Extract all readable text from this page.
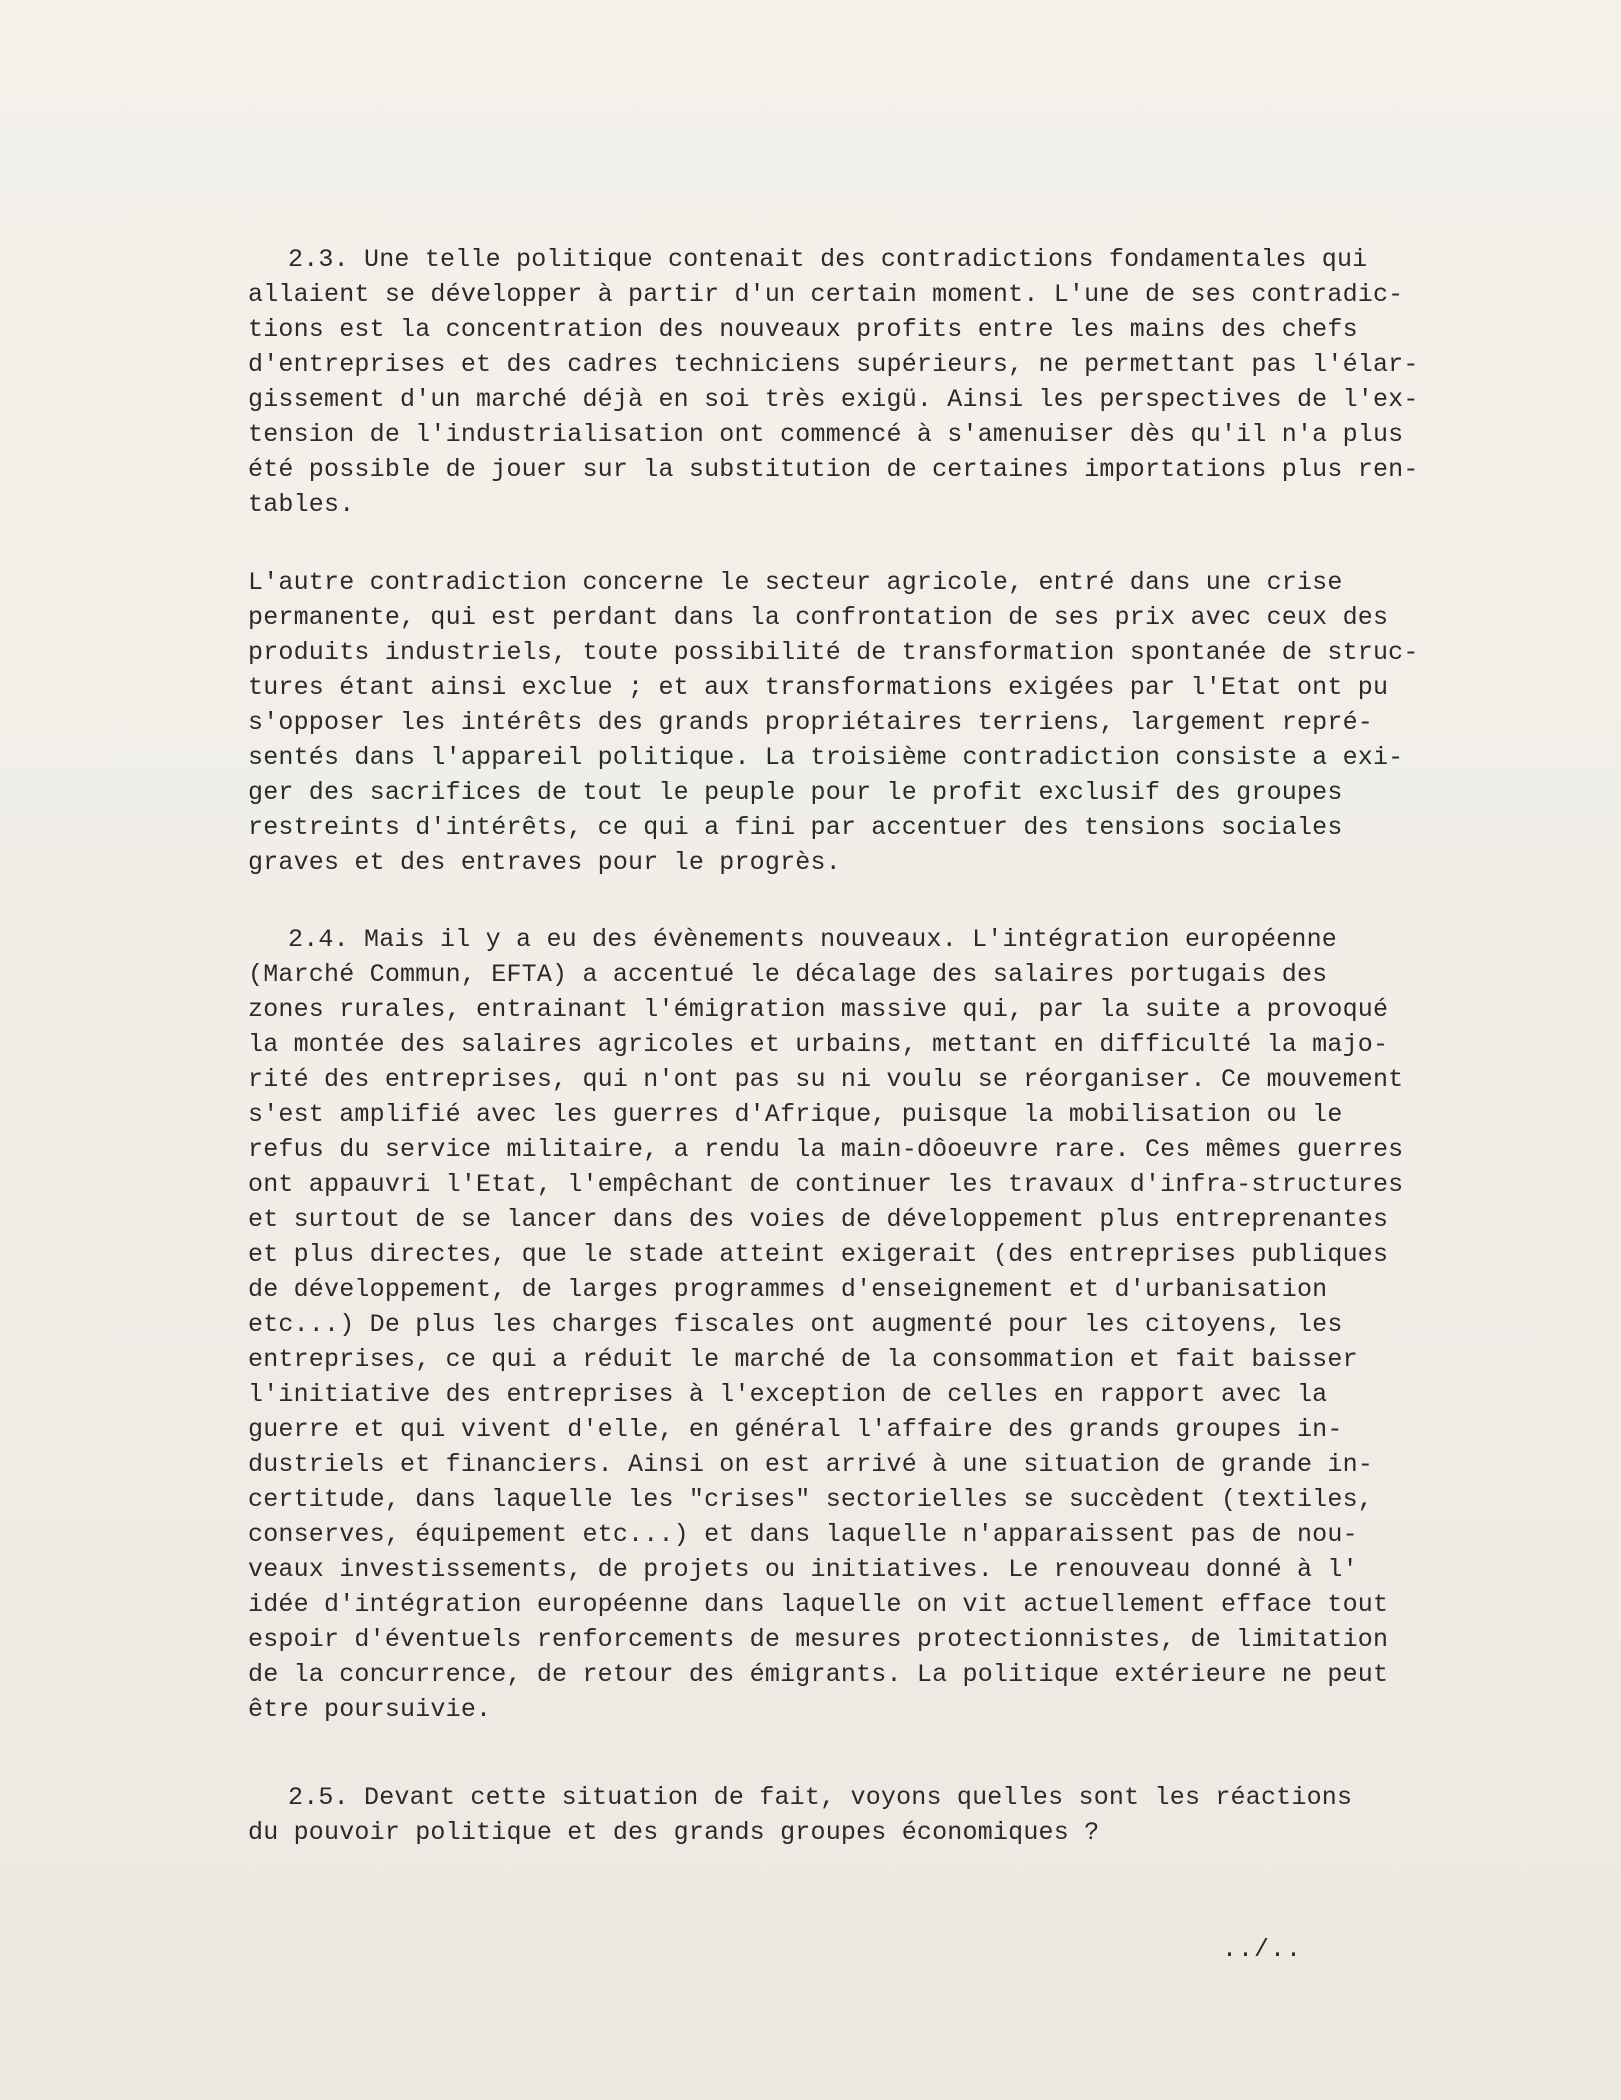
2.3. Une telle politique contenait des contradictions fondamentales qui
allaient se développer à partir d'un certain moment. L'une de ses contradic-
tions est la concentration des nouveaux profits entre les mains des chefs
d'entreprises et des cadres techniciens supérieurs, ne permettant pas l'élar-
gissement d'un marché déjà en soi très exigü. Ainsi les perspectives de l'ex-
tension de l'industrialisation ont commencé à s'amenuiser dès qu'il n'a plus
été possible de jouer sur la substitution de certaines importations plus ren-
tables.
L'autre contradiction concerne le secteur agricole, entré dans une crise
permanente, qui est perdant dans la confrontation de ses prix avec ceux des
produits industriels, toute possibilité de transformation spontanée de struc-
tures étant ainsi exclue ; et aux transformations exigées par l'Etat ont pu
s'opposer les intérêts des grands propriétaires terriens, largement repré-
sentés dans l'appareil politique. La troisième contradiction consiste a exi-
ger des sacrifices de tout le peuple pour le profit exclusif des groupes
restreints d'intérêts, ce qui a fini par accentuer des tensions sociales
graves et des entraves pour le progrès.
2.4. Mais il y a eu des évènements nouveaux. L'intégration européenne
(Marché Commun, EFTA) a accentué le décalage des salaires portugais des
zones rurales, entrainant l'émigration massive qui, par la suite a provoqué
la montée des salaires agricoles et urbains, mettant en difficulté la majo-
rité des entreprises, qui n'ont pas su ni voulu se réorganiser. Ce mouvement
s'est amplifié avec les guerres d'Afrique, puisque la mobilisation ou le
refus du service militaire, a rendu la main-dôoeuvre rare. Ces mêmes guerres
ont appauvri l'Etat, l'empêchant de continuer les travaux d'infra-structures
et surtout de se lancer dans des voies de développement plus entreprenantes
et plus directes, que le stade atteint exigerait (des entreprises publiques
de développement, de larges programmes d'enseignement et d'urbanisation
etc...) De plus les charges fiscales ont augmenté pour les citoyens, les
entreprises, ce qui a réduit le marché de la consommation et fait baisser
l'initiative des entreprises à l'exception de celles en rapport avec la
guerre et qui vivent d'elle, en général l'affaire des grands groupes in-
dustriels et financiers. Ainsi on est arrivé à une situation de grande in-
certitude, dans laquelle les "crises" sectorielles se succèdent (textiles,
conserves, équipement etc...) et dans laquelle n'apparaissent pas de nou-
veaux investissements, de projets ou initiatives. Le renouveau donné à l'
idée d'intégration européenne dans laquelle on vit actuellement efface tout
espoir d'éventuels renforcements de mesures protectionnistes, de limitation
de la concurrence, de retour des émigrants. La politique extérieure ne peut
être poursuivie.
2.5. Devant cette situation de fait, voyons quelles sont les réactions
du pouvoir politique et des grands groupes économiques ?
../..
